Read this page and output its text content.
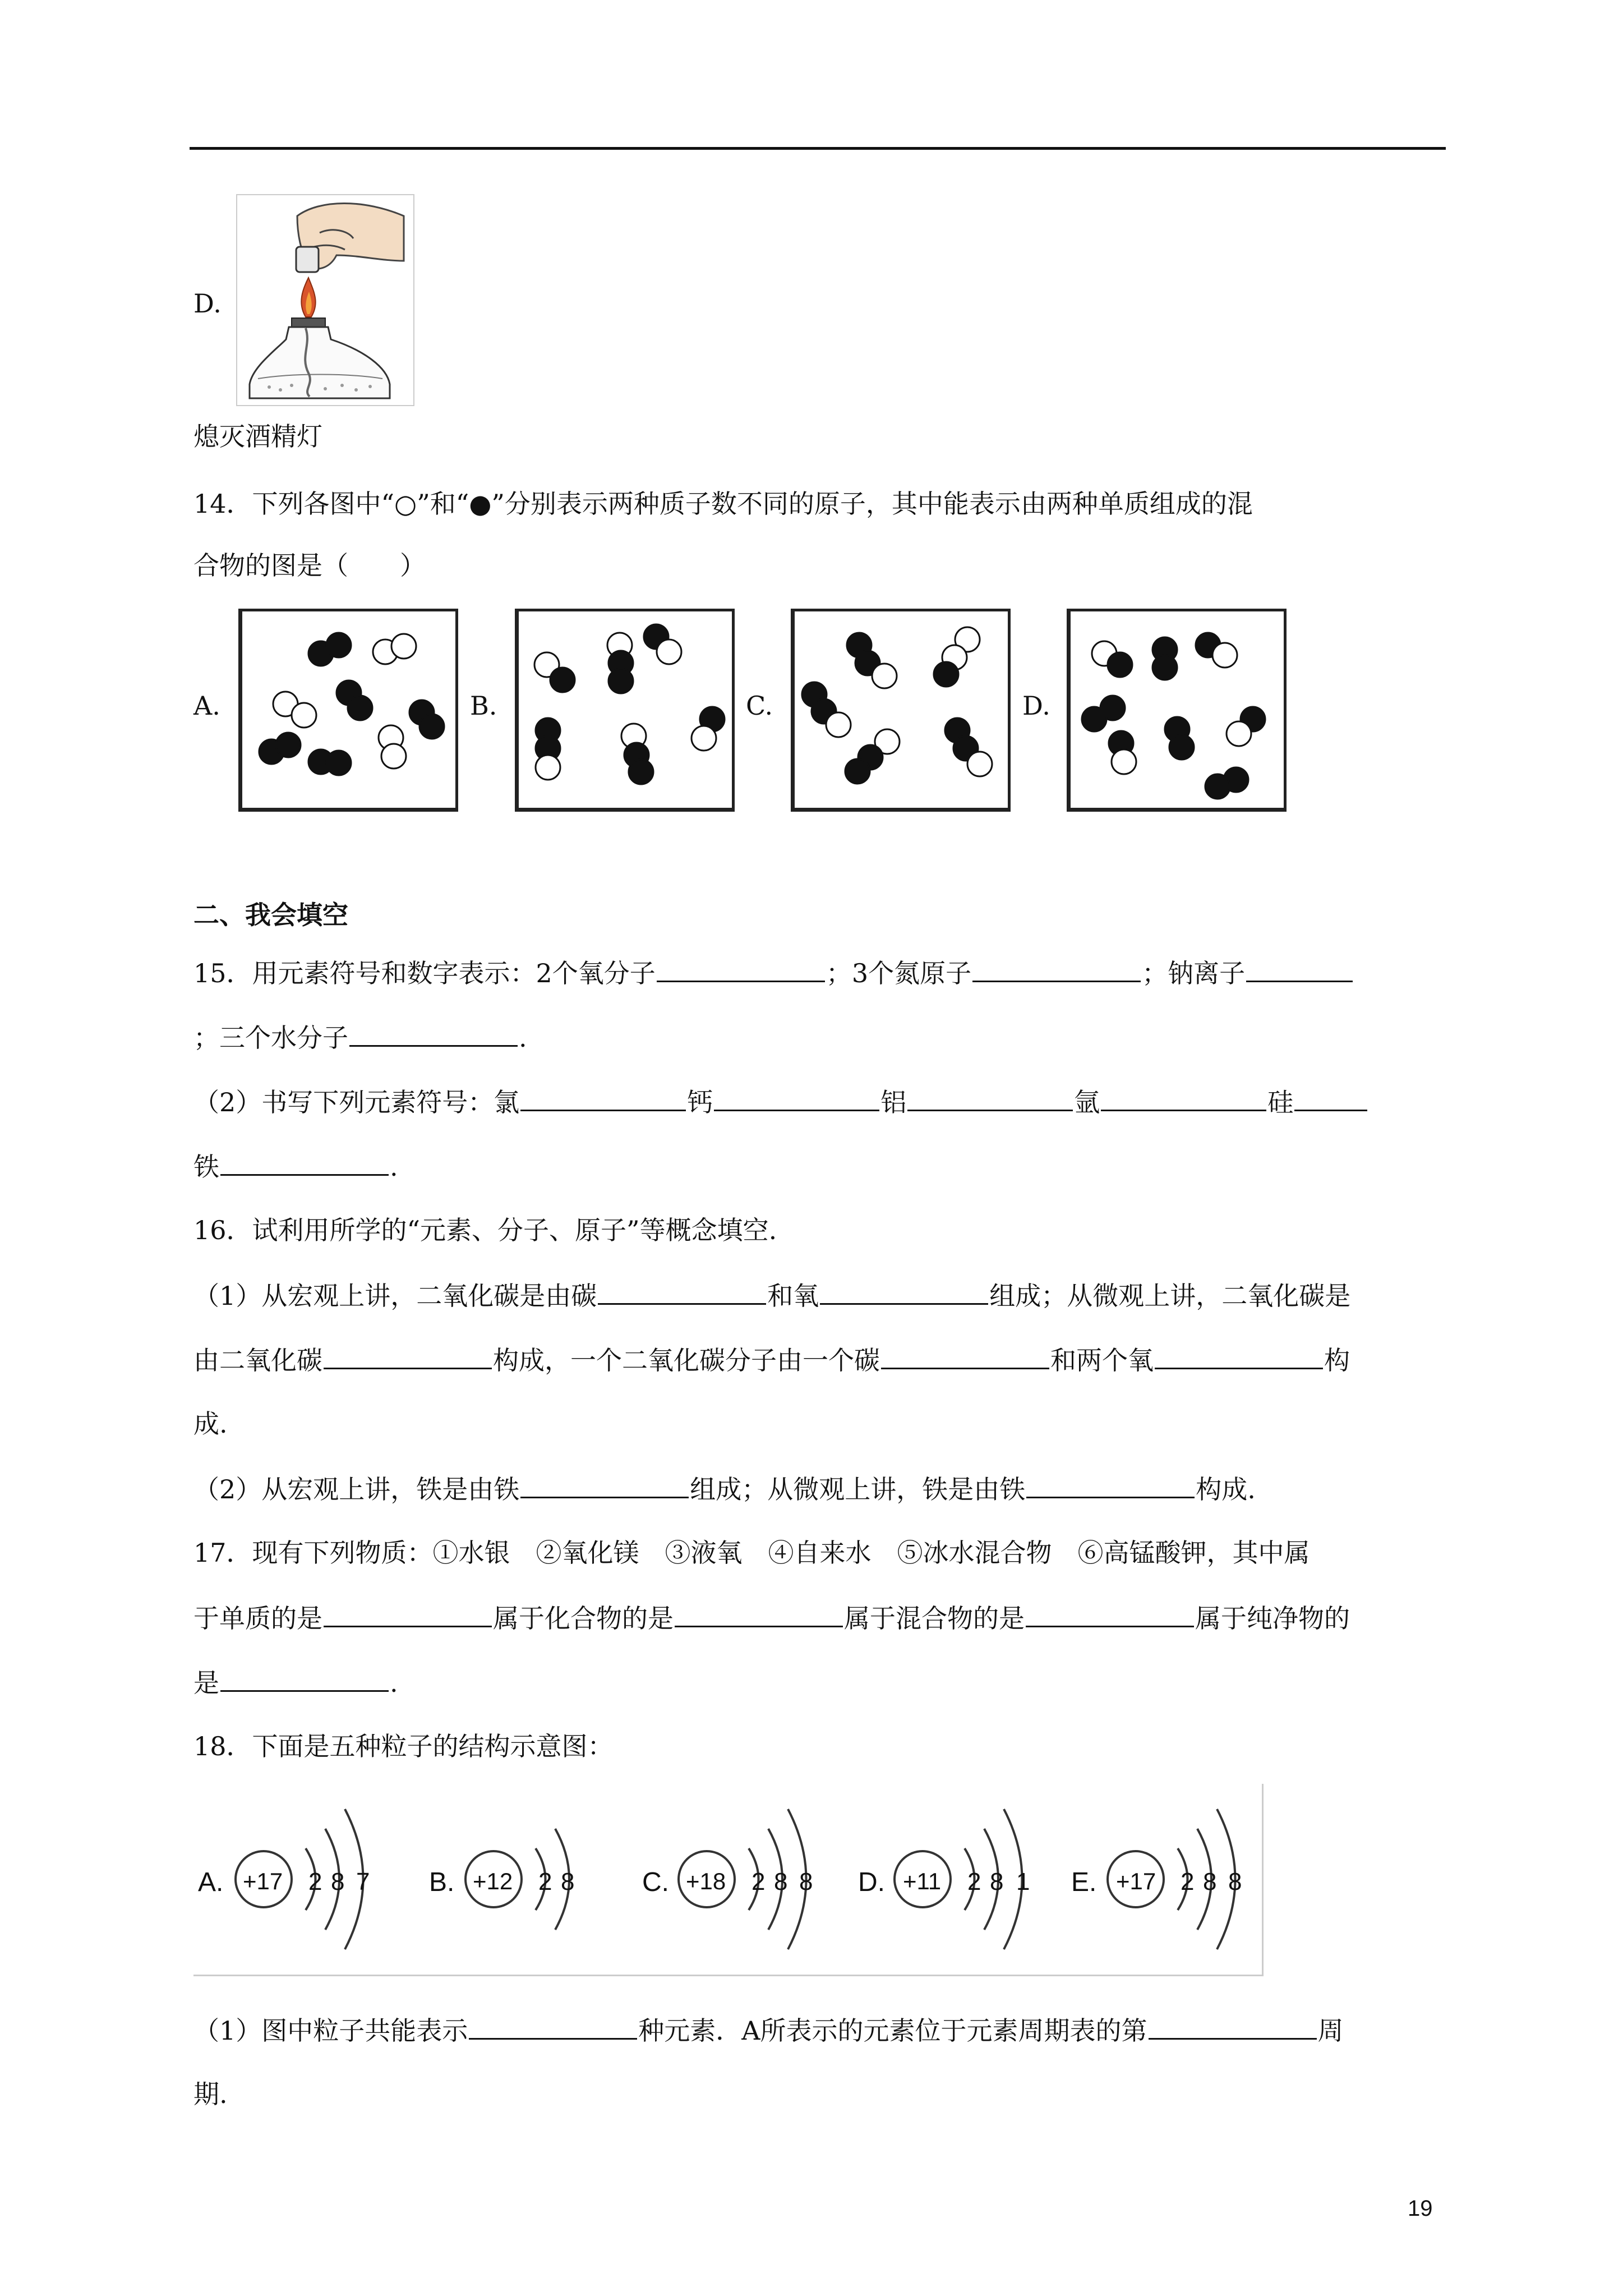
D.
熄灭酒精灯
14．下列各图中“○”和“●”分别表示两种质子数不同的原子，其中能表示由两种单质组成的混
合物的图是（　　）
A.	B.	C.	D.
二、我会填空
15．用元素符号和数字表示：2个氧分子	；3个氮原子	；钠离子
；三个水分子	.
（2）书写下列元素符号：氯	钙	铝	氩	硅
铁	.
16．试利用所学的“元素、分子、原子”等概念填空.
（1）从宏观上讲，二氧化碳是由碳	和氧	组成；从微观上讲，二氧化碳是
由二氧化碳	构成，一个二氧化碳分子由一个碳	和两个氧	构
成.
（2）从宏观上讲，铁是由铁	组成；从微观上讲，铁是由铁	构成.
17．现有下列物质：①水银　②氧化镁　③液氧　④自来水　⑤冰水混合物　⑥高锰酸钾，其中属
于单质的是	属于化合物的是	属于混合物的是	属于纯净物的
是	.
18．下面是五种粒子的结构示意图：
A. +17 2 8 7 B. +12 2 8	C. +18 2 8 8 D. +11 2 8 1 E. +17 2 8 8
（1）图中粒子共能表示	种元素．A所表示的元素位于元素周期表的第	周
期.
19
